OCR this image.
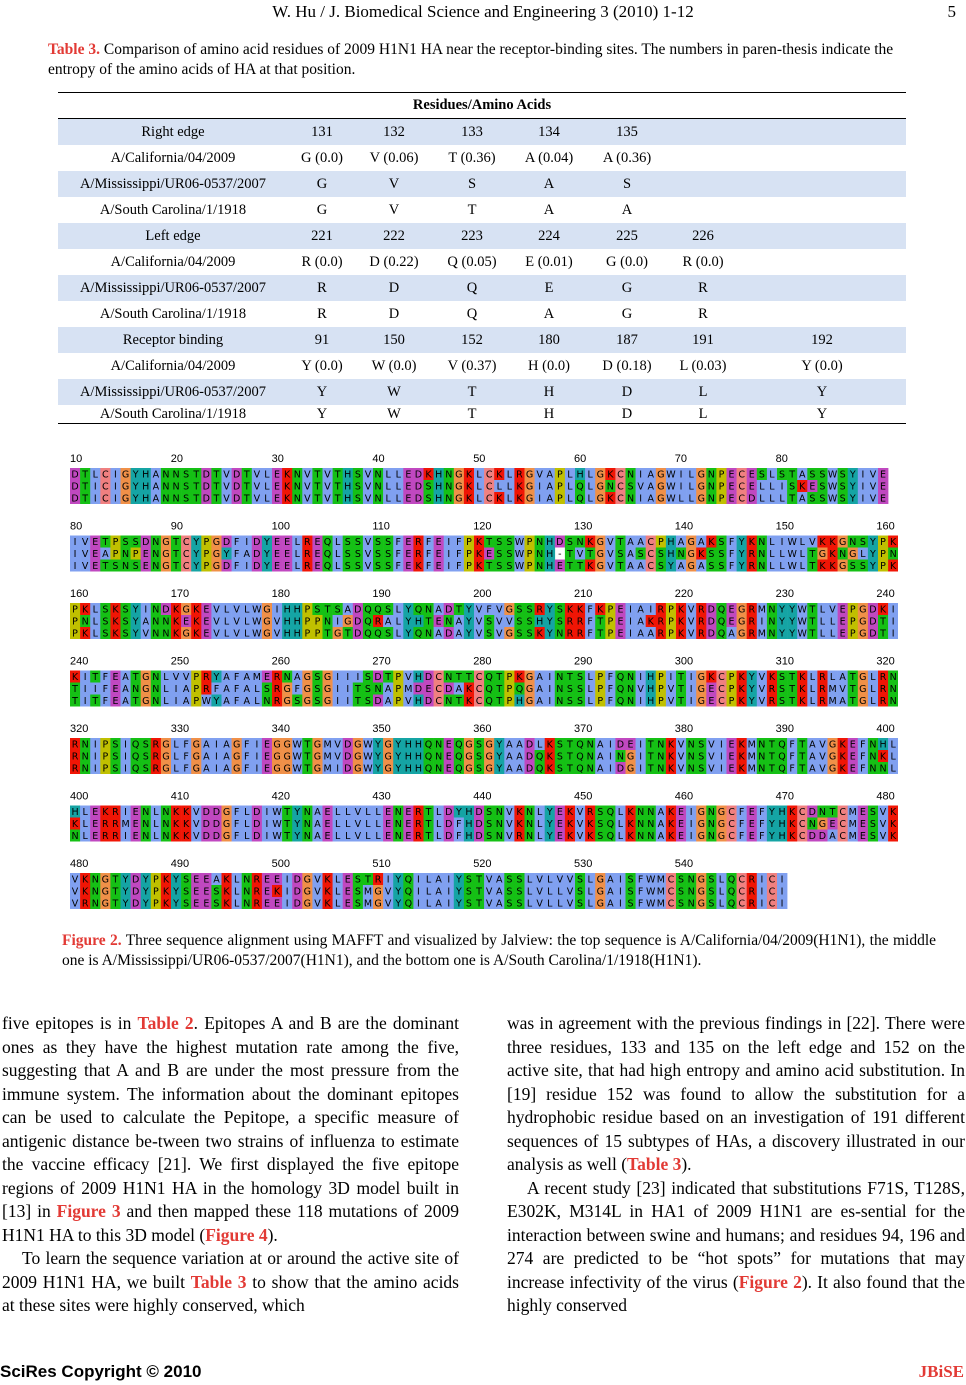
W. Hu / J. Biomedical Science and Engineering 3 (2010) 1-12	5
Table 3. Comparison of amino acid residues of 2009 H1N1 HA near the receptor-binding sites. The numbers in paren-thesis indicate the entropy of the amino acids of HA at that position.
Residues/Amino Acids							
Right edge	131	132	133	134	135		
A/California/04/2009	G (0.0)	V (0.06)	T (0.36)	A (0.04)	A (0.36)		
A/Mississippi/UR06-0537/2007	G	V	S	A	S		
A/South Carolina/1/1918	G	V	T	A	A		
Left edge	221	222	223	224	225	226	
A/California/04/2009	R (0.0)	D (0.22)	Q (0.05)	E (0.01)	G (0.0)	R (0.0)	
A/Mississippi/UR06-0537/2007	R	D	Q	E	G	R	
A/South Carolina/1/1918	R	D	Q	A	G	R	
Receptor binding	91	150	152	180	187	191	192
A/California/04/2009	Y (0.0)	W (0.0)	V (0.37)	H (0.0)	D (0.18)	L (0.03)	Y (0.0)
A/Mississippi/UR06-0537/2007	Y	W	T	H	D	L	Y
A/South Carolina/1/1918	Y	W	T	H	D	L	Y
10	20	30	40	50	60	70	80
D T L C I G Y H A N N S T D T V D T V L E K N V T V T H S V N L L E D K H N G K L C K L R G V A P L H L G K C N I A G W I L G N P E C E S L S T A S S W S Y I V E
D T I C I G Y H A N N S T D T V D T V L E K N V T V T H S V N L L E D S H N G K L C L L K G I A P L Q L G N C S V A G W I L G N P E C E L L I S K E S W S Y I V E
D T I C I G Y H A N N S T D T V D T V L E K N V T V T H S V N L L E D S H N G K L C K L K G I A P L Q L G K C N I A G W L L G N P E C D L L L T A S S W S Y I V E
80	90	100	110	120	130	140	150	160
I V E T P S S D N G T C Y P G D F I D Y E E L R E Q L S S V S S F E R F E I F P K T S S W P N H D S N K G V T A A C P H A G A K S F Y K N L I W L V K K G N S Y P K
I V E A P N P E N G T C Y P G Y F A D Y E E L R E Q L S S V S S F E R F E I F P K E S S W P N H - T V T G V S A S C S H N G K S S F Y R N L L W L T G K N G L Y P N
I V E T S N S E N G T C Y P G D F I D Y E E L R E Q L S S V S S F E K F E I F P K T S S W P N H E T T K G V T A A C S Y A G A S S F Y R N L L W L T K K G S S Y P K
160	170	180	190	200	210	220	230	240
P K L S K S Y I N D K G K E V L V L W G I H H P S T S A D Q Q S L Y Q N A D T Y V F V G S S R Y S K K F K P E I A I R P K V R D Q E G R M N Y Y W T L V E P G D K I
P N L S K S Y A N N K E K E V L V L W G V H H P P N I G D Q R A L Y H T E N A Y V S V V S S H Y S R R F T P E I A K R P K V R D Q E G R I N Y Y W T L L E P G D T I
P K L S K S Y V N N K G K E V L V L W G V H H P P T G T D Q Q S L Y Q N A D A Y V S V G S S K Y N R R F T P E I A A R P K V R D Q A G R M N Y Y W T L L E P G D T I
240	250	260	270	280	290	300	310	320
K I T F E A T G N L V V P R Y A F A M E R N A G S G I I I S D T P V H D C N T T C Q T P K G A I N T S L P F Q N I H P I T I G K C P K Y V K S T K L R L A T G L R N
T I I F E A N G N L I A P R F A F A L S R G F G S G I I T S N A P M D E C D A K C Q T P Q G A I N S S L P F Q N V H P V T I G E C P K Y V R S T K L R M V T G L R N
T I T F E A T G N L I A P W Y A F A L N R G S G S G I I T S D A P V H D C N T K C Q T P H G A I N S S L P F Q N I H P V T I G E C P K Y V R S T K L R M A T G L R N
320	330	340	350	360	370	380	390	400
R N I P S I Q S R G L F G A I A G F I E G G W T G M V D G W Y G Y H H Q N E Q G S G Y A A D L K S T Q N A I D E I T N K V N S V I E K M N T Q F T A V G K E F N H L
R N I P S I Q S R G L F G A I A G F I E G G W T G M V D G W Y G Y H H Q N E Q G S G Y A A D Q K S T Q N A I N G I T N K V N S V I E K M N T Q F T A V G K E F N K L
R N I P S I Q S R G L F G A I A G F I E G G W T G M I D G W Y G Y H H Q N E Q G S G Y A A D Q K S T Q N A I D G I T N K V N S V I E K M N T Q F T A V G K E F N N L
400	410	420	430	440	450	460	470	480
H L E K R I E N L N K K V D D G F L D I W T Y N A E L L V L L E N E R T L D Y H D S N V K N L Y E K V R S Q L K N N A K E I G N G C F E F Y H K C D N T C M E S V K
K L E R R M E N L N K K V D D G F L D I W T Y N A E L L V L L E N E R T L D F H D S N V K N L Y E K V K S Q L K N N A K E I G N G C F E F Y H K C N G E C M E S V K
N L E R R I E N L N K K V D D G F L D I W T Y N A E L L V L L E N E R T L D F H D S N V R N L Y E K V K S Q L K N N A K E I G N G C F E F Y H K C D D A C M E S V K
480	490	500	510	520	530	540
V K N G T Y D Y P K Y S E E A K L N R E E I D G V K L E S T R I Y Q I L A I Y S T V A S S L V L V V S L G A I S F W M C S N G S L Q C R I C I
V K N G T Y D Y P K Y S E E S K L N R E K I D G V K L E S M G V Y Q I L A I Y S T V A S S L V L L V S L G A I S F W M C S N G S L Q C R I C I
V R N G T Y D Y P K Y S E E S K L N R E E I D G V K L E S M G V Y Q I L A I Y S T V A S S L V L L V S L G A I S F W M C S N G S L Q C R I C I
Figure 2. Three sequence alignment using MAFFT and visualized by Jalview: the top sequence is A/California/04/2009(H1N1), the middle one is A/Mississippi/UR06-0537/2007(H1N1), and the bottom one is A/South Carolina/1/1918(H1N1).

five epitopes is in Table 2. Epitopes A and B are the dominant ones as they have the highest mutation rate among the five, suggesting that A and B are under the most pressure from the immune system. The information about the dominant epitopes can be used to calculate the Pepitope, a specific measure of antigenic distance be-tween two strains of influenza to estimate the vaccine efficacy [21]. We first displayed the five epitope regions of 2009 H1N1 HA in the homology 3D model built in [13] in Figure 3 and then mapped these 118 mutations of 2009 H1N1 HA to this 3D model (Figure 4).

To learn the sequence variation at or around the active site of 2009 H1N1 HA, we built Table 3 to show that the amino acids at these sites were highly conserved, which

was in agreement with the previous findings in [22]. There were three residues, 133 and 135 on the left edge and 152 on the active site, that had high entropy and amino acid substitution. In [19] residue 152 was found to allow the substitution for a hydrophobic residue based on an investigation of 191 different sequences of 15 subtypes of HAs, a discovery illustrated in our analysis as well (Table 3).

A recent study [23] indicated that substitutions F71S, T128S, E302K, M314L in HA1 of 2009 H1N1 are es-sential for the interaction between swine and humans; and residues 94, 196 and 274 are predicted to be “hot spots” for mutations that may increase infectivity of the virus (Figure 2). It also found that the highly conserved

SciRes Copyright © 2010	JBiSE
